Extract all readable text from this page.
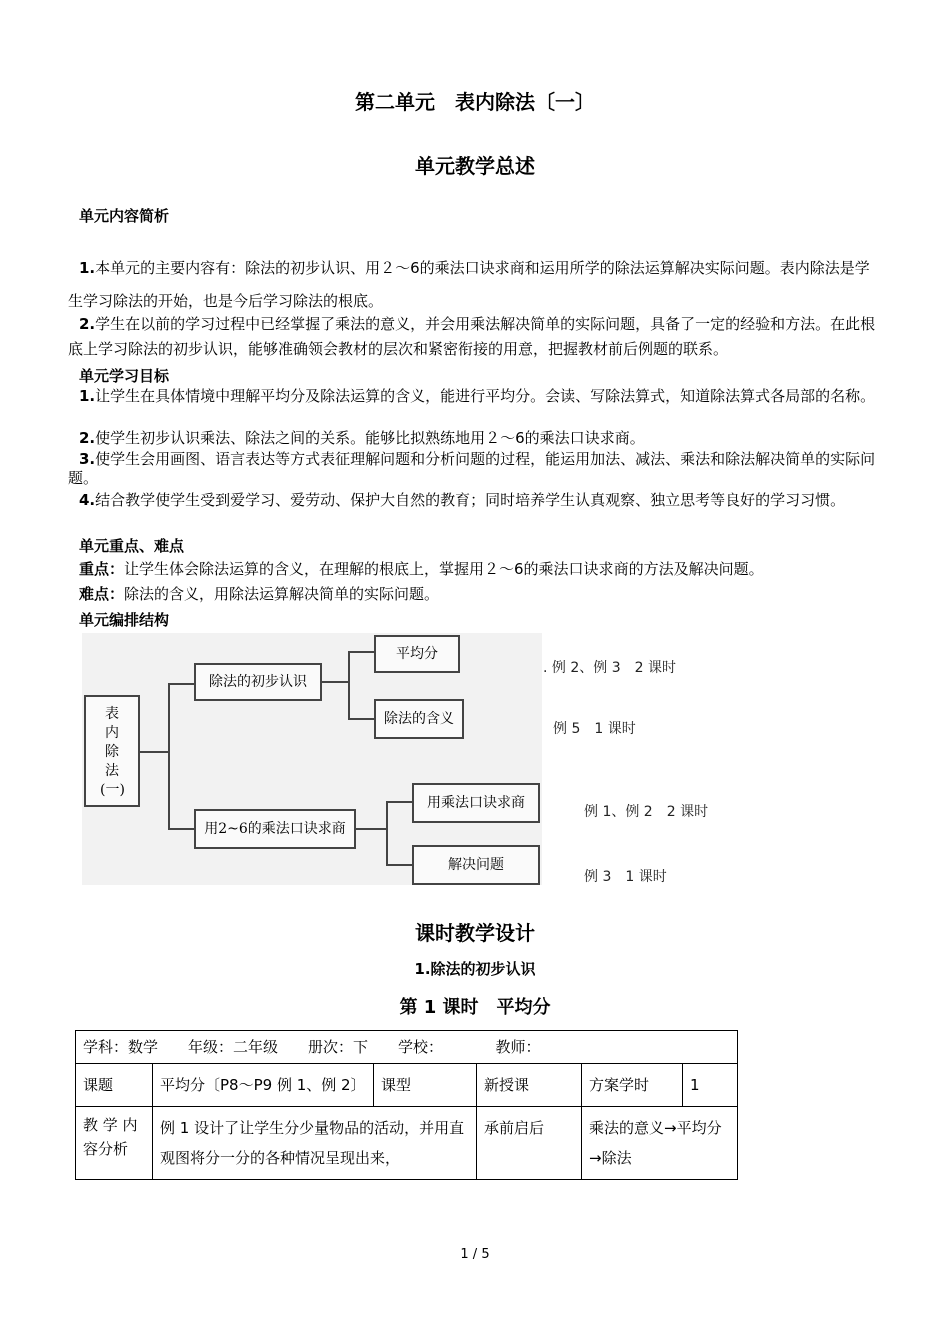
第二单元　表内除法〔一〕
单元教学总述
单元内容简析
1.本单元的主要内容有：除法的初步认识、用２～6的乘法口诀求商和运用所学的除法运算解决实际问题。表内除法是学生学习除法的开始，也是今后学习除法的根底。
2.学生在以前的学习过程中已经掌握了乘法的意义，并会用乘法解决简单的实际问题，具备了一定的经验和方法。在此根底上学习除法的初步认识，能够准确领会教材的层次和紧密衔接的用意，把握教材前后例题的联系。
单元学习目标
1.让学生在具体情境中理解平均分及除法运算的含义，能进行平均分。会读、写除法算式，知道除法算式各局部的名称。
2.使学生初步认识乘法、除法之间的关系。能够比拟熟练地用２～6的乘法口诀求商。
3.使学生会用画图、语言表达等方式表征理解问题和分析问题的过程，能运用加法、减法、乘法和除法解决简单的实际问题。
4.结合教学使学生受到爱学习、爱劳动、保护大自然的教育；同时培养学生认真观察、独立思考等良好的学习习惯。
单元重点、难点
重点：让学生体会除法运算的含义，在理解的根底上，掌握用２～6的乘法口诀求商的方法及解决问题。
难点：除法的含义，用除法运算解决简单的实际问题。
单元编排结构
表内除法(一)
除法的初步认识
平均分
除法的含义
用2~6的乘法口诀求商
用乘法口诀求商
解决问题
. 例 2、例 3　2 课时
例 5　1 课时
例 1、例 2　2 课时
例 3　1 课时
课时教学设计
1.除法的初步认识
第 1 课时　平均分
学科：数学　　年级：二年级　　册次：下　　学校：　　　　教师：					
课题	平均分〔P8～P9 例 1、例 2〕	课型	新授课	方案学时	1
教 学 内容分析	例 1 设计了让学生分少量物品的活动，并用直观图将分一分的各种情况呈现出来，		承前启后	乘法的意义→平均分→除法	
1 / 5
